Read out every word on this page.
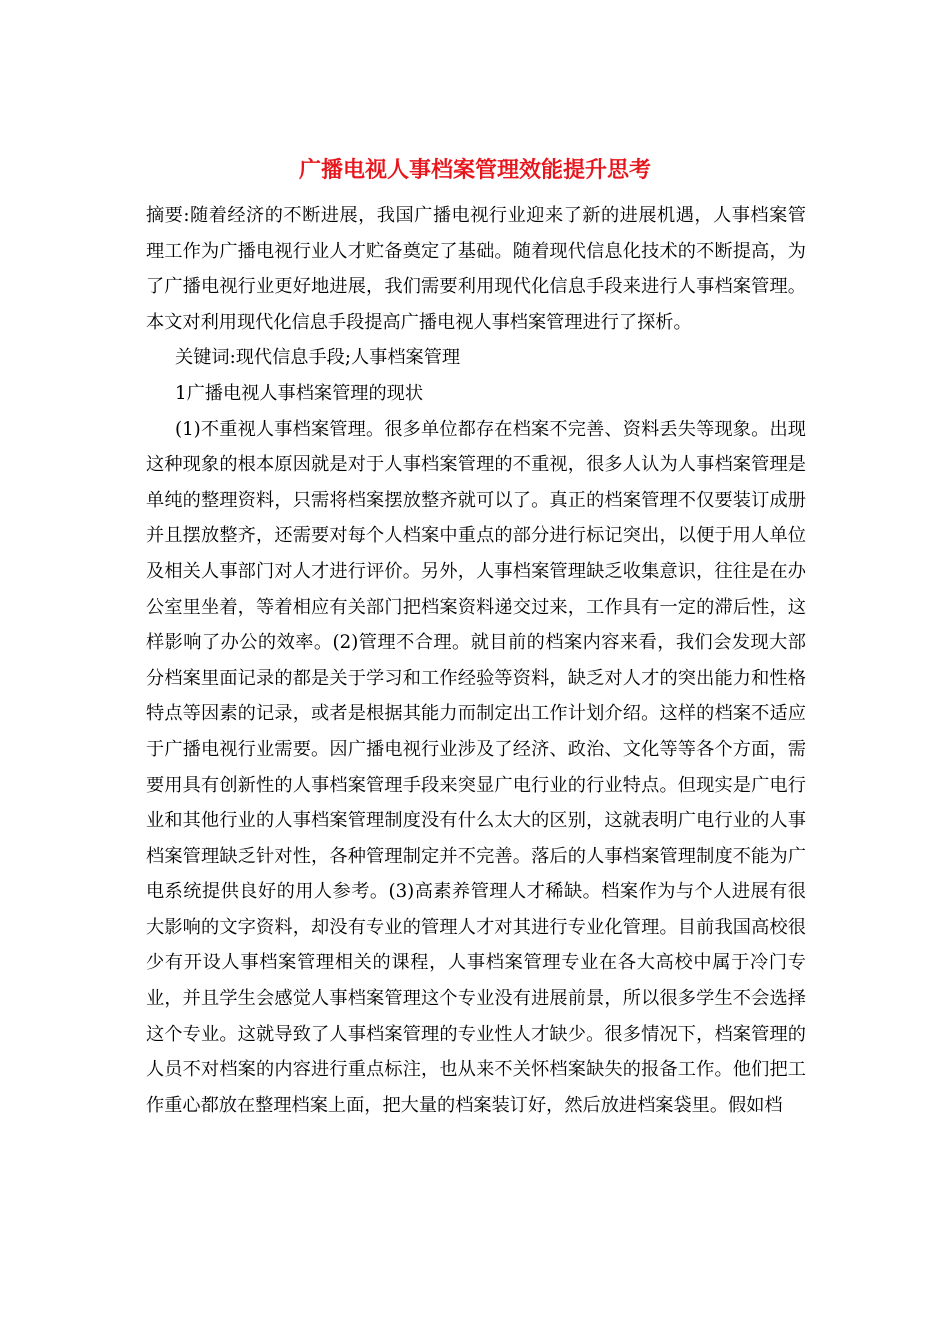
广播电视人事档案管理效能提升思考

摘要:随着经济的不断进展，我国广播电视行业迎来了新的进展机遇，人事档案管理工作为广播电视行业人才贮备奠定了基础。随着现代信息化技术的不断提高，为了广播电视行业更好地进展，我们需要利用现代化信息手段来进行人事档案管理。本文对利用现代化信息手段提高广播电视人事档案管理进行了探析。

关键词:现代信息手段;人事档案管理

1广播电视人事档案管理的现状

(1)不重视人事档案管理。很多单位都存在档案不完善、资料丢失等现象。出现这种现象的根本原因就是对于人事档案管理的不重视，很多人认为人事档案管理是单纯的整理资料，只需将档案摆放整齐就可以了。真正的档案管理不仅要装订成册并且摆放整齐，还需要对每个人档案中重点的部分进行标记突出，以便于用人单位及相关人事部门对人才进行评价。另外，人事档案管理缺乏收集意识，往往是在办公室里坐着，等着相应有关部门把档案资料递交过来，工作具有一定的滞后性，这样影响了办公的效率。(2)管理不合理。就目前的档案内容来看，我们会发现大部分档案里面记录的都是关于学习和工作经验等资料，缺乏对人才的突出能力和性格特点等因素的记录，或者是根据其能力而制定出工作计划介绍。这样的档案不适应于广播电视行业需要。因广播电视行业涉及了经济、政治、文化等等各个方面，需要用具有创新性的人事档案管理手段来突显广电行业的行业特点。但现实是广电行业和其他行业的人事档案管理制度没有什么太大的区别，这就表明广电行业的人事档案管理缺乏针对性，各种管理制定并不完善。落后的人事档案管理制度不能为广电系统提供良好的用人参考。(3)高素养管理人才稀缺。档案作为与个人进展有很大影响的文字资料，却没有专业的管理人才对其进行专业化管理。目前我国高校很少有开设人事档案管理相关的课程，人事档案管理专业在各大高校中属于冷门专业，并且学生会感觉人事档案管理这个专业没有进展前景，所以很多学生不会选择这个专业。这就导致了人事档案管理的专业性人才缺少。很多情况下，档案管理的人员不对档案的内容进行重点标注，也从来不关怀档案缺失的报备工作。他们把工作重心都放在整理档案上面，把大量的档案装订好，然后放进档案袋里。假如档
